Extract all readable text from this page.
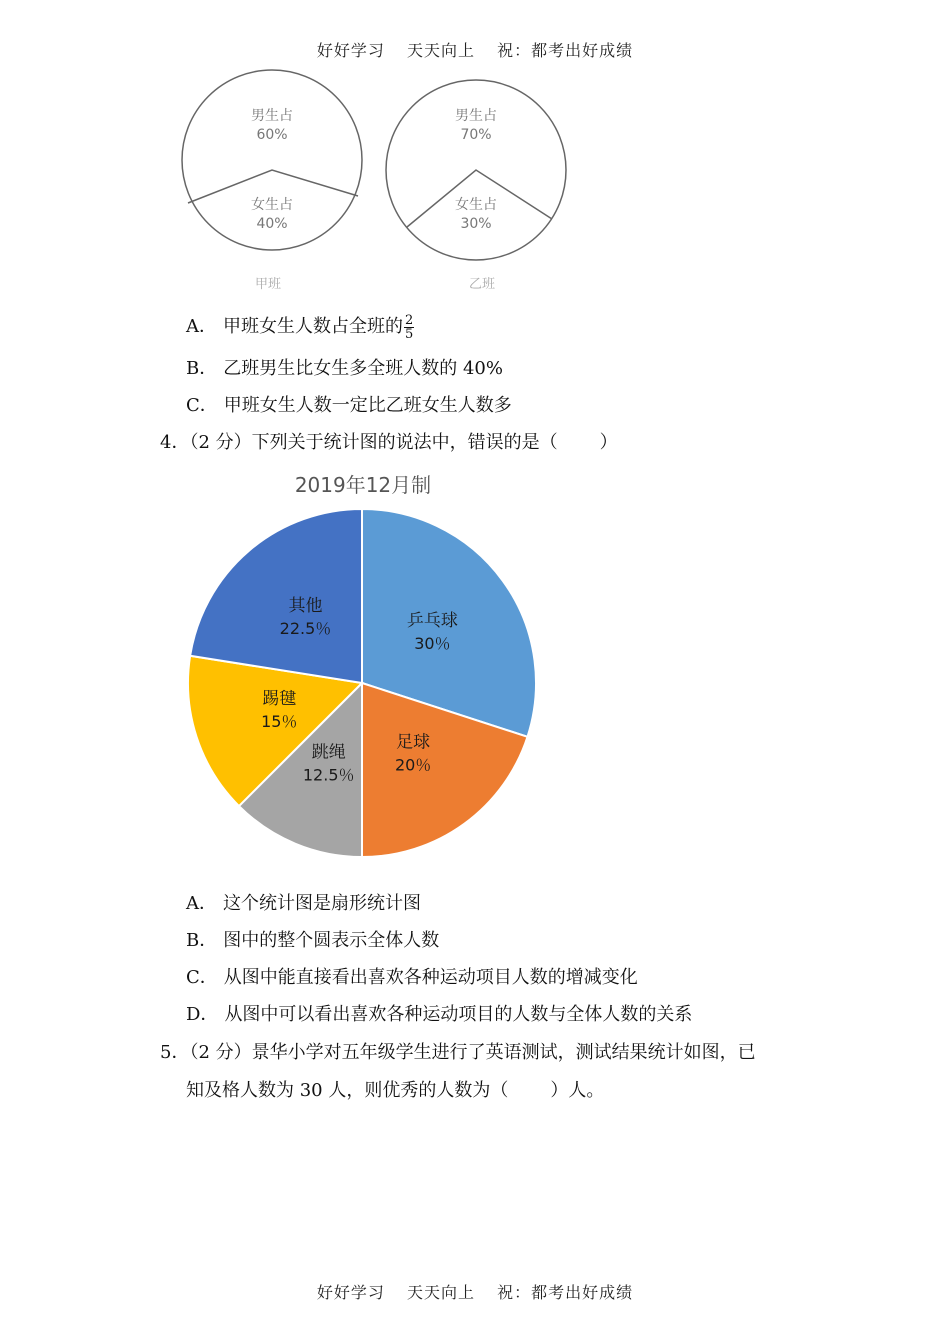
好好学习 天天向上 祝：都考出好成绩
男生占
60%
女生占
40%
甲班
男生占
70%
女生占
30%
乙班
A． 甲班女生人数占全班的 $\frac{2}{5}$
B． 乙班男生比女生多全班人数的 40%
C． 甲班女生人数一定比乙班女生人数多
4．（2 分）下列关于统计图的说法中，错误的是（ ）
2019年12月制
乒乓球
30％
足球
20％
跳绳
12.5％
踢毽
15％
其他
22.5％
A． 这个统计图是扇形统计图
B． 图中的整个圆表示全体人数
C． 从图中能直接看出喜欢各种运动项目人数的增减变化
D． 从图中可以看出喜欢各种运动项目的人数与全体人数的关系
5．（2 分）景华小学对五年级学生进行了英语测试，测试结果统计如图，已
知及格人数为 30 人，则优秀的人数为（ ）人。
好好学习 天天向上 祝：都考出好成绩
